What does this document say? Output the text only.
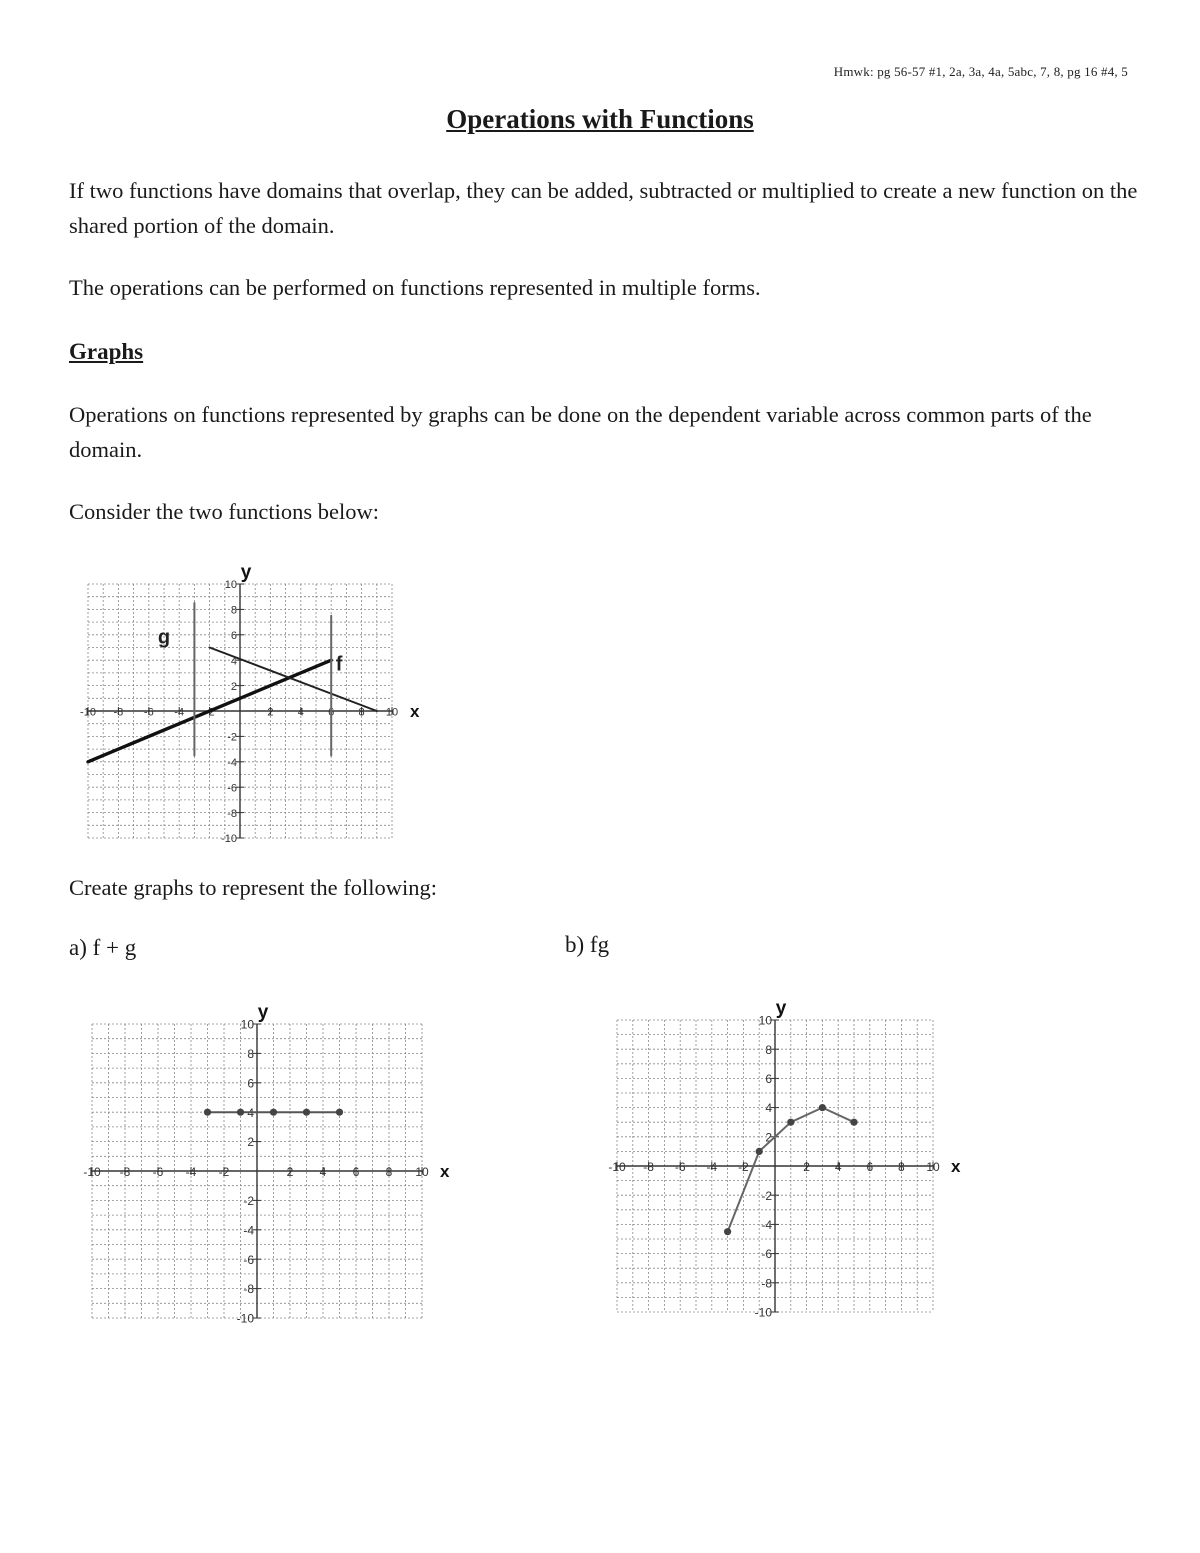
Hmwk: pg 56-57 #1, 2a, 3a, 4a, 5abc, 7, 8, pg 16 #4, 5
Operations with Functions
If two functions have domains that overlap, they can be added, subtracted or multiplied to create a new function on the shared portion of the domain.
The operations can be performed on functions represented in multiple forms.
Graphs
Operations on functions represented by graphs can be done on the dependent variable across common parts of the domain.
Consider the two functions below:
-10 -8 -6 -4 -2	2 4 6 8 10
10
8
6
4
2
-2
-4
-6
-8
-10
x
y
g
f
Create graphs to represent the following:
a) f + g	b) fg
-10 -8 -6 -4 -2	2 4 6 8 10
10
8
6
4
2
-2
-4
-6
-8
-10
x
y
-10 -8 -6 -4 -2	2 4 6 8 10
10
8
6
4
2
-2
-4
-6
-8
-10
x
y
